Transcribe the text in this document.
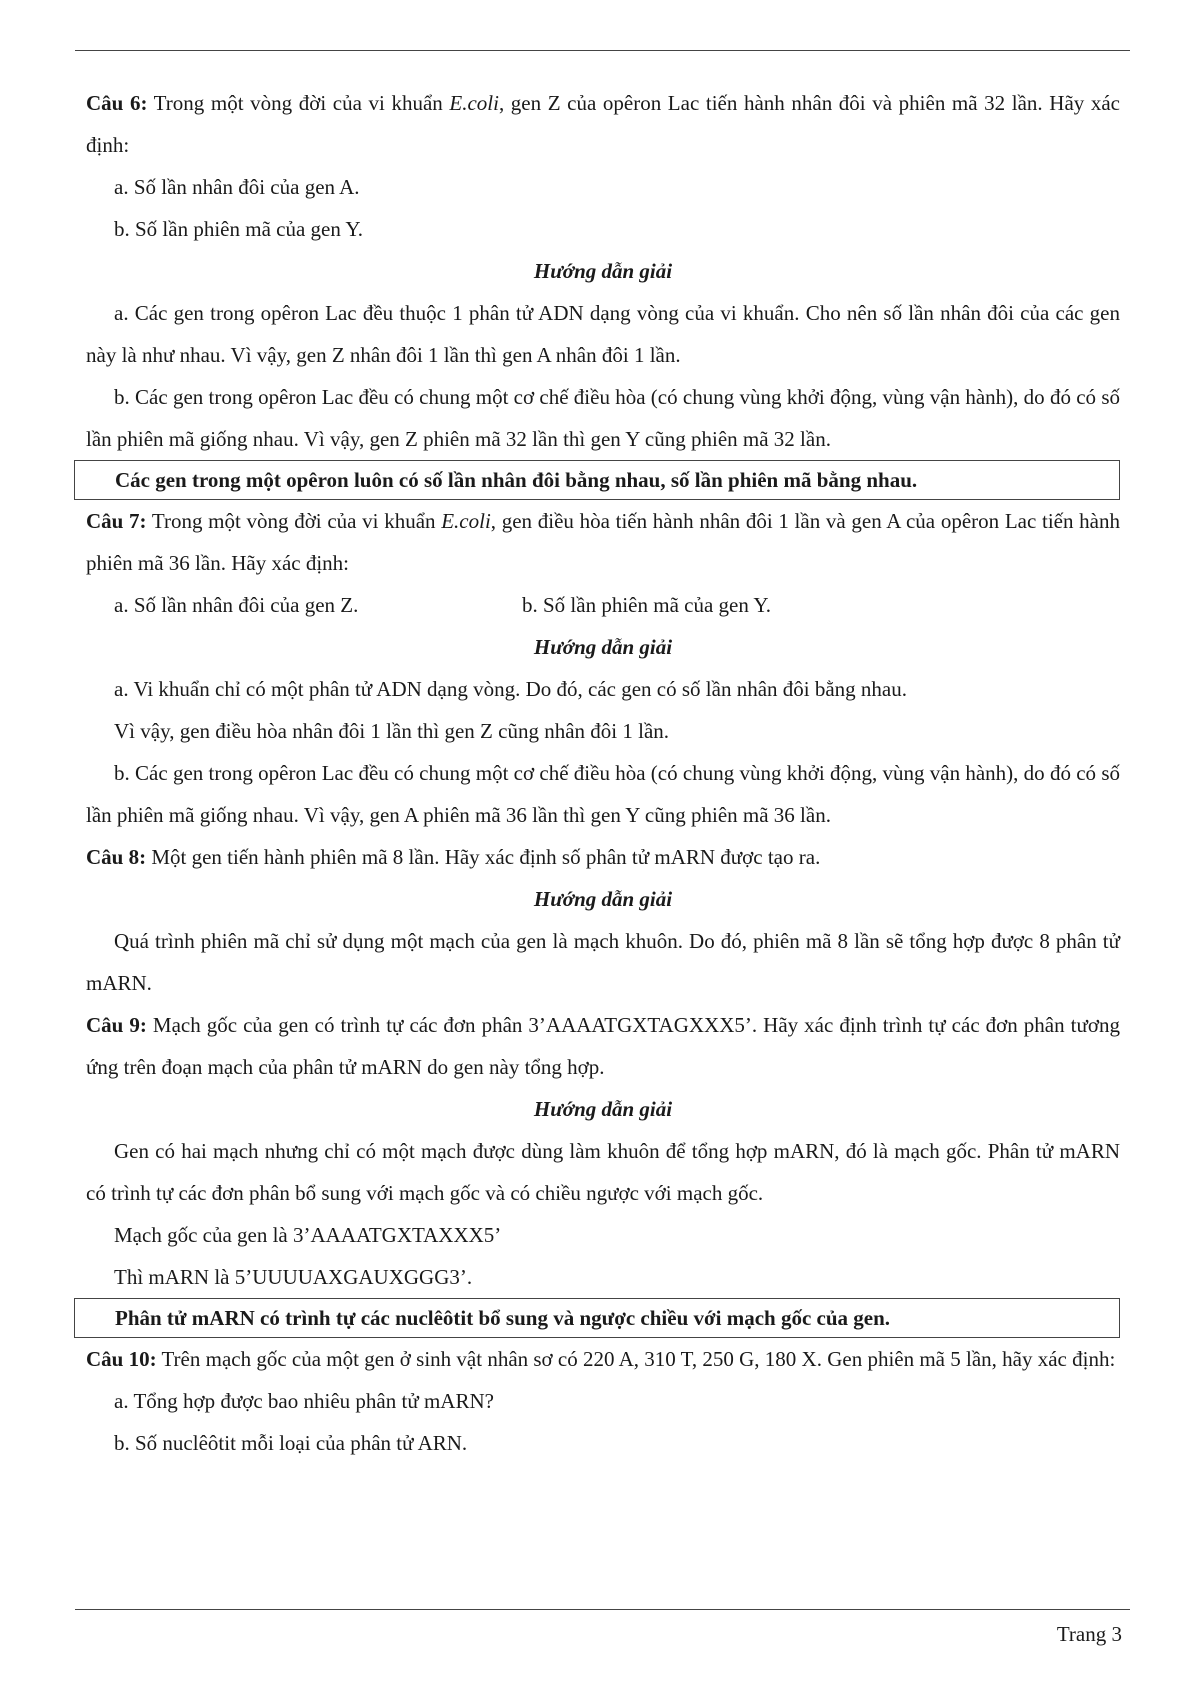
Câu 6: Trong một vòng đời của vi khuẩn E.coli, gen Z của opêron Lac tiến hành nhân đôi và phiên mã 32 lần. Hãy xác định:

a. Số lần nhân đôi của gen A.

b. Số lần phiên mã của gen Y.

Hướng dẫn giải

a. Các gen trong opêron Lac đều thuộc 1 phân tử ADN dạng vòng của vi khuẩn. Cho nên số lần nhân đôi của các gen này là như nhau. Vì vậy, gen Z nhân đôi 1 lần thì gen A nhân đôi 1 lần.

b. Các gen trong opêron Lac đều có chung một cơ chế điều hòa (có chung vùng khởi động, vùng vận hành), do đó có số lần phiên mã giống nhau. Vì vậy, gen Z phiên mã 32 lần thì gen Y cũng phiên mã 32 lần.

Các gen trong một opêron luôn có số lần nhân đôi bằng nhau, số lần phiên mã bằng nhau.

Câu 7: Trong một vòng đời của vi khuẩn E.coli, gen điều hòa tiến hành nhân đôi 1 lần và gen A của opêron Lac tiến hành phiên mã 36 lần. Hãy xác định:

a. Số lần nhân đôi của gen Z.	b. Số lần phiên mã của gen Y.

Hướng dẫn giải

a. Vi khuẩn chỉ có một phân tử ADN dạng vòng. Do đó, các gen có số lần nhân đôi bằng nhau.

Vì vậy, gen điều hòa nhân đôi 1 lần thì gen Z cũng nhân đôi 1 lần.

b. Các gen trong opêron Lac đều có chung một cơ chế điều hòa (có chung vùng khởi động, vùng vận hành), do đó có số lần phiên mã giống nhau. Vì vậy, gen A phiên mã 36 lần thì gen Y cũng phiên mã 36 lần.

Câu 8: Một gen tiến hành phiên mã 8 lần. Hãy xác định số phân tử mARN được tạo ra.

Hướng dẫn giải

Quá trình phiên mã chỉ sử dụng một mạch của gen là mạch khuôn. Do đó, phiên mã 8 lần sẽ tổng hợp được 8 phân tử mARN.

Câu 9: Mạch gốc của gen có trình tự các đơn phân 3’AAAATGXTAGXXX5’. Hãy xác định trình tự các đơn phân tương ứng trên đoạn mạch của phân tử mARN do gen này tổng hợp.

Hướng dẫn giải

Gen có hai mạch nhưng chỉ có một mạch được dùng làm khuôn để tổng hợp mARN, đó là mạch gốc. Phân tử mARN có trình tự các đơn phân bổ sung với mạch gốc và có chiều ngược với mạch gốc.

Mạch gốc của gen là 3’AAAATGXTAXXX5’

Thì mARN là 5’UUUUAXGAUXGGG3’.

Phân tử mARN có trình tự các nuclêôtit bổ sung và ngược chiều với mạch gốc của gen.

Câu 10: Trên mạch gốc của một gen ở sinh vật nhân sơ có 220 A, 310 T, 250 G, 180 X. Gen phiên mã 5 lần, hãy xác định:

a. Tổng hợp được bao nhiêu phân tử mARN?

b. Số nuclêôtit mỗi loại của phân tử ARN.

Trang 3
